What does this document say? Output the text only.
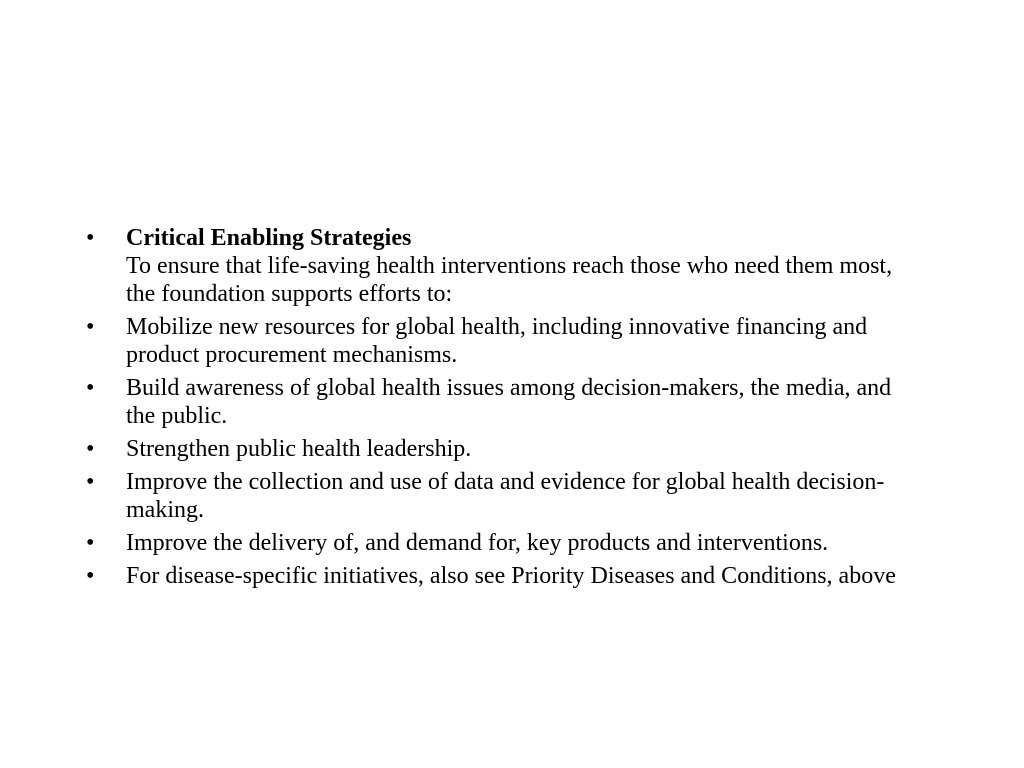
•	Critical Enabling Strategies
To ensure that life-saving health interventions reach those who need them most, the foundation supports efforts to:
•	Mobilize new resources for global health, including innovative financing and product procurement mechanisms.
•	Build awareness of global health issues among decision-makers, the media, and the public.
•	Strengthen public health leadership.
•	Improve the collection and use of data and evidence for global health decision-making.
•	Improve the delivery of, and demand for, key products and interventions.
•	For disease-specific initiatives, also see Priority Diseases and Conditions, above
